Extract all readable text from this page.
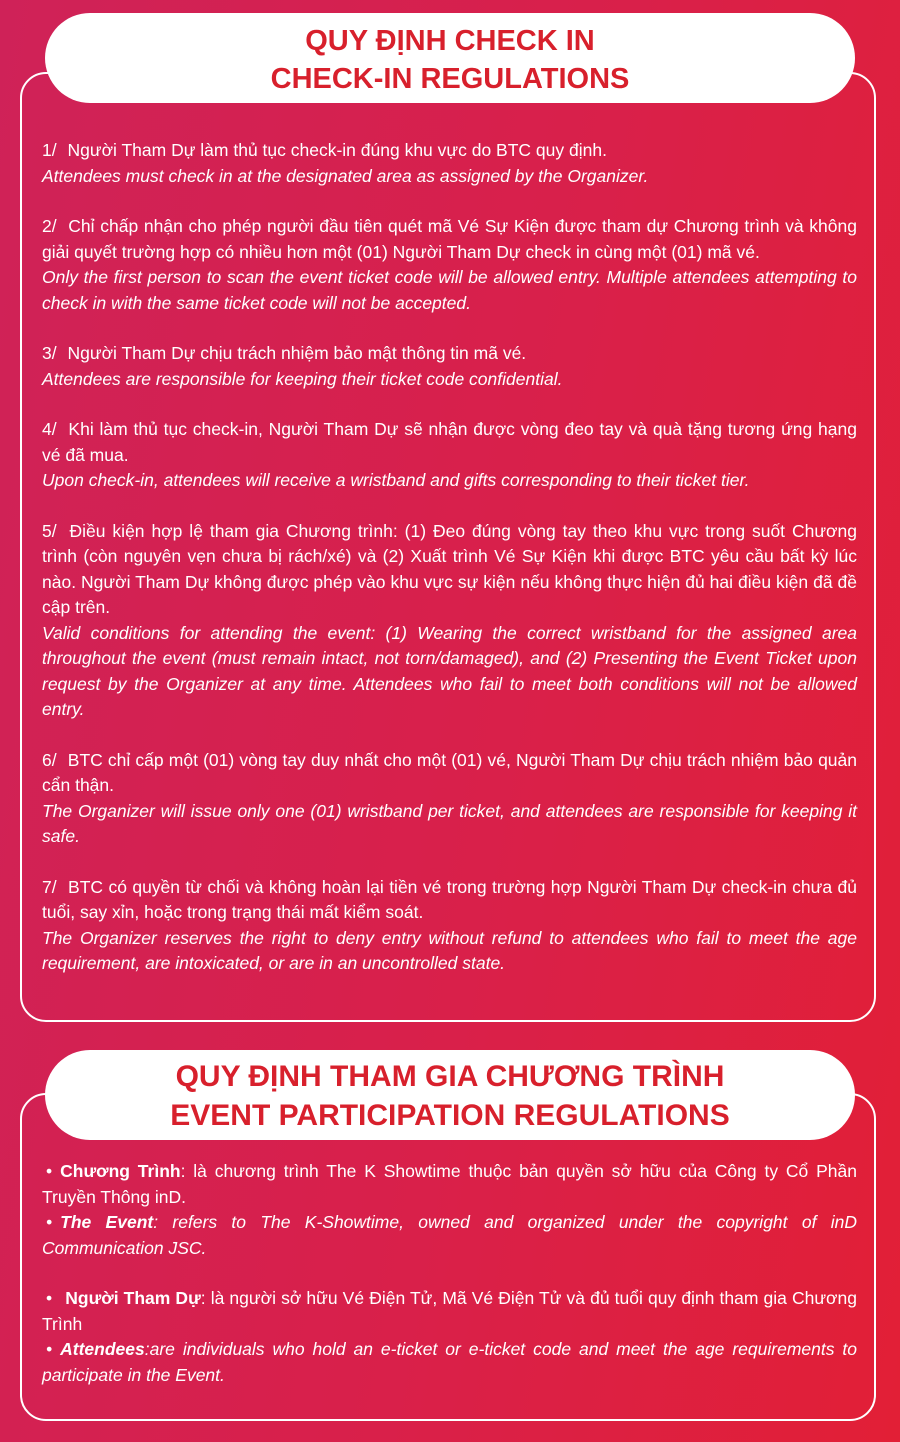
QUY ĐỊNH CHECK IN
CHECK-IN REGULATIONS
1/ Người Tham Dự làm thủ tục check-in đúng khu vực do BTC quy định.
Attendees must check in at the designated area as assigned by the Organizer.
2/ Chỉ chấp nhận cho phép người đầu tiên quét mã Vé Sự Kiện được tham dự Chương trình và không giải quyết trường hợp có nhiều hơn một (01) Người Tham Dự check in cùng một (01) mã vé.
Only the first person to scan the event ticket code will be allowed entry. Multiple attendees attempting to check in with the same ticket code will not be accepted.
3/ Người Tham Dự chịu trách nhiệm bảo mật thông tin mã vé.
Attendees are responsible for keeping their ticket code confidential.
4/ Khi làm thủ tục check-in, Người Tham Dự sẽ nhận được vòng đeo tay và quà tặng tương ứng hạng vé đã mua.
Upon check-in, attendees will receive a wristband and gifts corresponding to their ticket tier.
5/ Điều kiện hợp lệ tham gia Chương trình: (1) Đeo đúng vòng tay theo khu vực trong suốt Chương trình (còn nguyên vẹn chưa bị rách/xé) và (2) Xuất trình Vé Sự Kiện khi được BTC yêu cầu bất kỳ lúc nào. Người Tham Dự không được phép vào khu vực sự kiện nếu không thực hiện đủ hai điều kiện đã đề cập trên.
Valid conditions for attending the event: (1) Wearing the correct wristband for the assigned area throughout the event (must remain intact, not torn/damaged), and (2) Presenting the Event Ticket upon request by the Organizer at any time. Attendees who fail to meet both conditions will not be allowed entry.
6/ BTC chỉ cấp một (01) vòng tay duy nhất cho một (01) vé, Người Tham Dự chịu trách nhiệm bảo quản cẩn thận.
The Organizer will issue only one (01) wristband per ticket, and attendees are responsible for keeping it safe.
7/ BTC có quyền từ chối và không hoàn lại tiền vé trong trường hợp Người Tham Dự check-in chưa đủ tuổi, say xỉn, hoặc trong trạng thái mất kiểm soát.
The Organizer reserves the right to deny entry without refund to attendees who fail to meet the age requirement, are intoxicated, or are in an uncontrolled state.
QUY ĐỊNH THAM GIA CHƯƠNG TRÌNH
EVENT PARTICIPATION REGULATIONS
• Chương Trình: là chương trình The K Showtime thuộc bản quyền sở hữu của Công ty Cổ Phần Truyền Thông inD.
• The Event: refers to The K-Showtime, owned and organized under the copyright of inD Communication JSC.
• Người Tham Dự: là người sở hữu Vé Điện Tử, Mã Vé Điện Tử và đủ tuổi quy định tham gia Chương Trình
• Attendees:are individuals who hold an e-ticket or e-ticket code and meet the age requirements to participate in the Event.
